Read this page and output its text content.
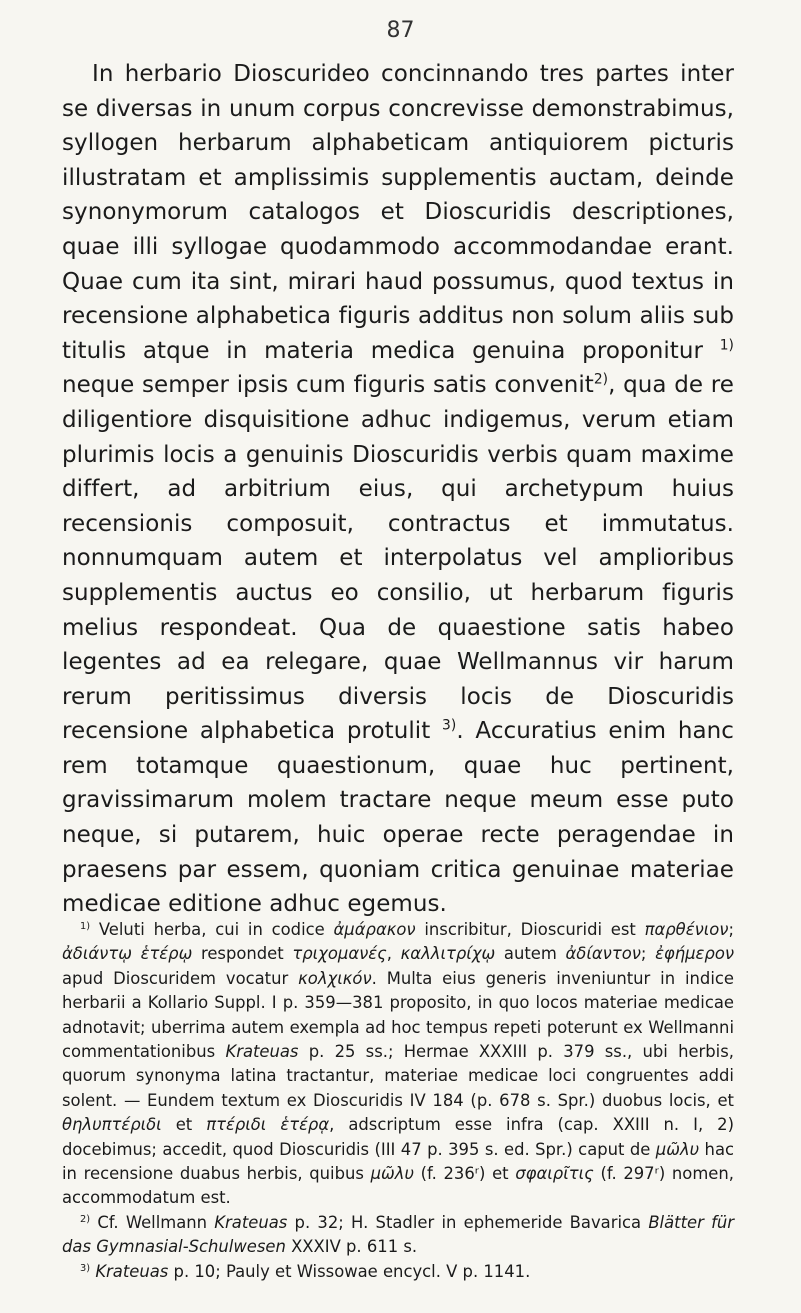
87

In herbario Dioscurideo concinnando tres partes inter se diversas in unum corpus concrevisse demonstrabimus, syllogen herbarum alphabeticam antiquiorem picturis illustratam et amplissimis supplementis auctam, deinde synonymorum catalogos et Dioscuridis descriptiones, quae illi syllogae quodammodo accommodandae erant. Quae cum ita sint, mirari haud possumus, quod textus in recensione alphabetica figuris additus non solum aliis sub titulis atque in materia medica genuina proponitur $^{1)}$ neque semper ipsis cum figuris satis convenit$^{2)}$, qua de re diligentiore disquisitione adhuc indigemus, verum etiam plurimis locis a genuinis Dioscuridis verbis quam maxime differt, ad arbitrium eius, qui archetypum huius recensionis composuit, contractus et immutatus. nonnumquam autem et interpolatus vel amplioribus supplementis auctus eo consilio, ut herbarum figuris melius respondeat. Qua de quaestione satis habeo legentes ad ea relegare, quae Wellmannus vir harum rerum peritissimus diversis locis de Dioscuridis recensione alphabetica protulit $^{3)}$. Accuratius enim hanc rem totamque quaestionum, quae huc pertinent, gravissimarum molem tractare neque meum esse puto neque, si putarem, huic operae recte peragendae in praesens par essem, quoniam critica genuinae materiae medicae editione adhuc egemus.

$^{1)}$ Veluti herba, cui in codice ἀμάρακον inscribitur, Dioscuridi est παρθένιον; ἀδιάντῳ ἑτέρῳ respondet τριχομανές, καλλιτρίχῳ autem ἀδίαντον; ἐφήμερον apud Dioscuridem vocatur κολχικόν. Multa eius generis inveniuntur in indice herbarii a Kollario Suppl. I p. 359—381 proposito, in quo locos materiae medicae adnotavit; uberrima autem exempla ad hoc tempus repeti poterunt ex Wellmanni commentationibus Krateuas p. 25 ss.; Hermae XXXIII p. 379 ss., ubi herbis, quorum synonyma latina tractantur, materiae medicae loci congruentes addi solent. — Eundem textum ex Dioscuridis IV 184 (p. 678 s. Spr.) duobus locis, et θηλυπτέριδι et πτέριδι ἑτέρᾳ, adscriptum esse infra (cap. XXIII n. I, 2) docebimus; accedit, quod Dioscuridis (III 47 p. 395 s. ed. Spr.) caput de μῶλυ hac in recensione duabus herbis, quibus μῶλυ (f. 236ʳ) et σφαιρῖτις (f. 297ʳ) nomen, accommodatum est.

$^{2)}$ Cf. Wellmann Krateuas p. 32; H. Stadler in ephemeride Bavarica Blätter für das Gymnasial-Schulwesen XXXIV p. 611 s.

$^{3)}$ Krateuas p. 10; Pauly et Wissowae encycl. V p. 1141.
